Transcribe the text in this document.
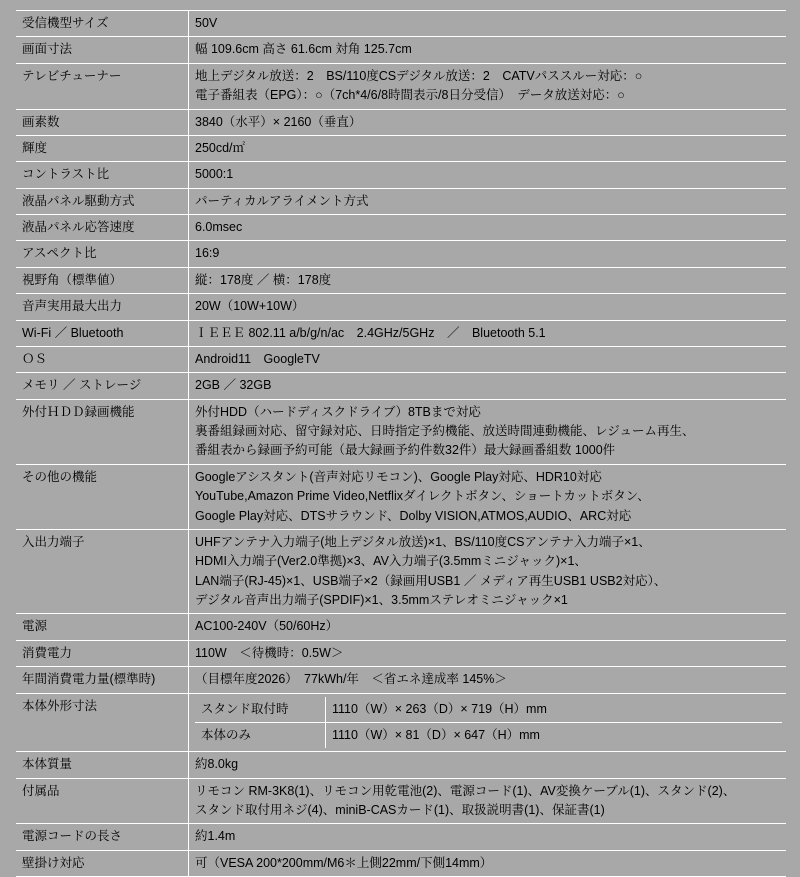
受信機型サイズ	50V

画面寸法	幅 109.6cm 高さ 61.6cm 対角 125.7cm

テレビチューナー	地上デジタル放送：2　BS/110度CSデジタル放送：2　CATVパススルー対応：○
電子番組表（EPG）：○（7ch*4/6/8時間表示/8日分受信）　データ放送対応：○

画素数	3840（水平）× 2160（垂直）

輝度	250cd/㎡

コントラスト比	5000:1

液晶パネル駆動方式	パーティカルアライメント方式

液晶パネル応答速度	6.0msec

アスペクト比	16:9

視野角（標準値）	縦：178度 ／ 横：178度

音声実用最大出力	20W（10W+10W）

Wi-Fi ／ Bluetooth	ＩＥＥＥ 802.11 a/b/g/n/ac　2.4GHz/5GHz　／　Bluetooth 5.1

ＯＳ	Android11　GoogleTV

メモリ ／ ストレージ	2GB ／ 32GB

外付ＨＤＤ録画機能	外付HDD（ハードディスクドライブ）8TBまで対応
裏番組録画対応、留守録対応、日時指定予約機能、放送時間連動機能、レジューム再生、
番組表から録画予約可能（最大録画予約件数32件）最大録画番組数 1000件

その他の機能	Googleアシスタント(音声対応リモコン)、Google Play対応、HDR10対応
YouTube,Amazon Prime Video,Netflixダイレクトボタン、ショートカットボタン、
Google Play対応、DTSサラウンド、Dolby VISION,ATMOS,AUDIO、ARC対応

入出力端子	UHFアンテナ入力端子(地上デジタル放送)×1、BS/110度CSアンテナ入力端子×1、
HDMI入力端子(Ver2.0準拠)×3、AV入力端子(3.5mmミニジャック)×1、
LAN端子(RJ-45)×1、USB端子×2（録画用USB1 ／ メディア再生USB1 USB2対応）、
デジタル音声出力端子(SPDIF)×1、3.5mmステレオミニジャック×1

電源	AC100-240V（50/60Hz）

消費電力	110W　＜待機時：0.5W＞

年間消費電力量(標準時)	（目標年度2026）　77kWh/年　＜省エネ達成率 145%＞

本体外形寸法		スタンド取付時	1110（W）× 263（D）× 719（H）mm
本体のみ	1110（W）× 81（D）× 647（H）mm

本体質量	約8.0kg

付属品	リモコン RM-3K8(1)、リモコン用乾電池(2)、電源コード(1)、AV変換ケーブル(1)、スタンド(2)、
スタンド取付用ネジ(4)、miniB-CASカード(1)、取扱説明書(1)、保証書(1)

電源コードの長さ	約1.4m

壁掛け対応	可（VESA 200*200mm/M6＊上側22mm/下側14mm）
